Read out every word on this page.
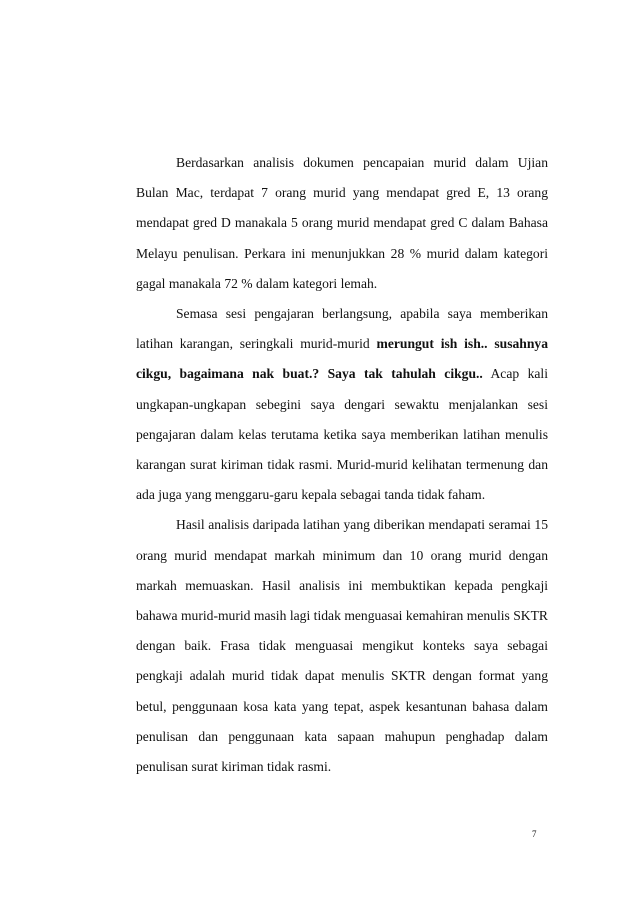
Berdasarkan analisis dokumen pencapaian murid dalam Ujian Bulan Mac, terdapat 7 orang murid yang mendapat gred E, 13 orang mendapat gred D manakala 5 orang murid mendapat gred C dalam Bahasa Melayu penulisan. Perkara ini menunjukkan 28 % murid dalam kategori gagal manakala 72 % dalam kategori lemah.

Semasa sesi pengajaran berlangsung, apabila saya memberikan latihan karangan, seringkali murid-murid merungut ish ish.. susahnya cikgu, bagaimana nak buat.? Saya tak tahulah cikgu.. Acap kali ungkapan-ungkapan sebegini saya dengari sewaktu menjalankan sesi pengajaran dalam kelas terutama ketika saya memberikan latihan menulis karangan surat kiriman tidak rasmi. Murid-murid kelihatan termenung dan ada juga yang menggaru-garu kepala sebagai tanda tidak faham.

Hasil analisis daripada latihan yang diberikan mendapati seramai 15 orang murid mendapat markah minimum dan 10 orang murid dengan markah memuaskan. Hasil analisis ini membuktikan kepada pengkaji bahawa murid-murid masih lagi tidak menguasai kemahiran menulis SKTR dengan baik. Frasa tidak menguasai mengikut konteks saya sebagai pengkaji adalah murid tidak dapat menulis SKTR dengan format yang betul, penggunaan kosa kata yang tepat, aspek kesantunan bahasa dalam penulisan dan penggunaan kata sapaan mahupun penghadap dalam penulisan surat kiriman tidak rasmi.

7
